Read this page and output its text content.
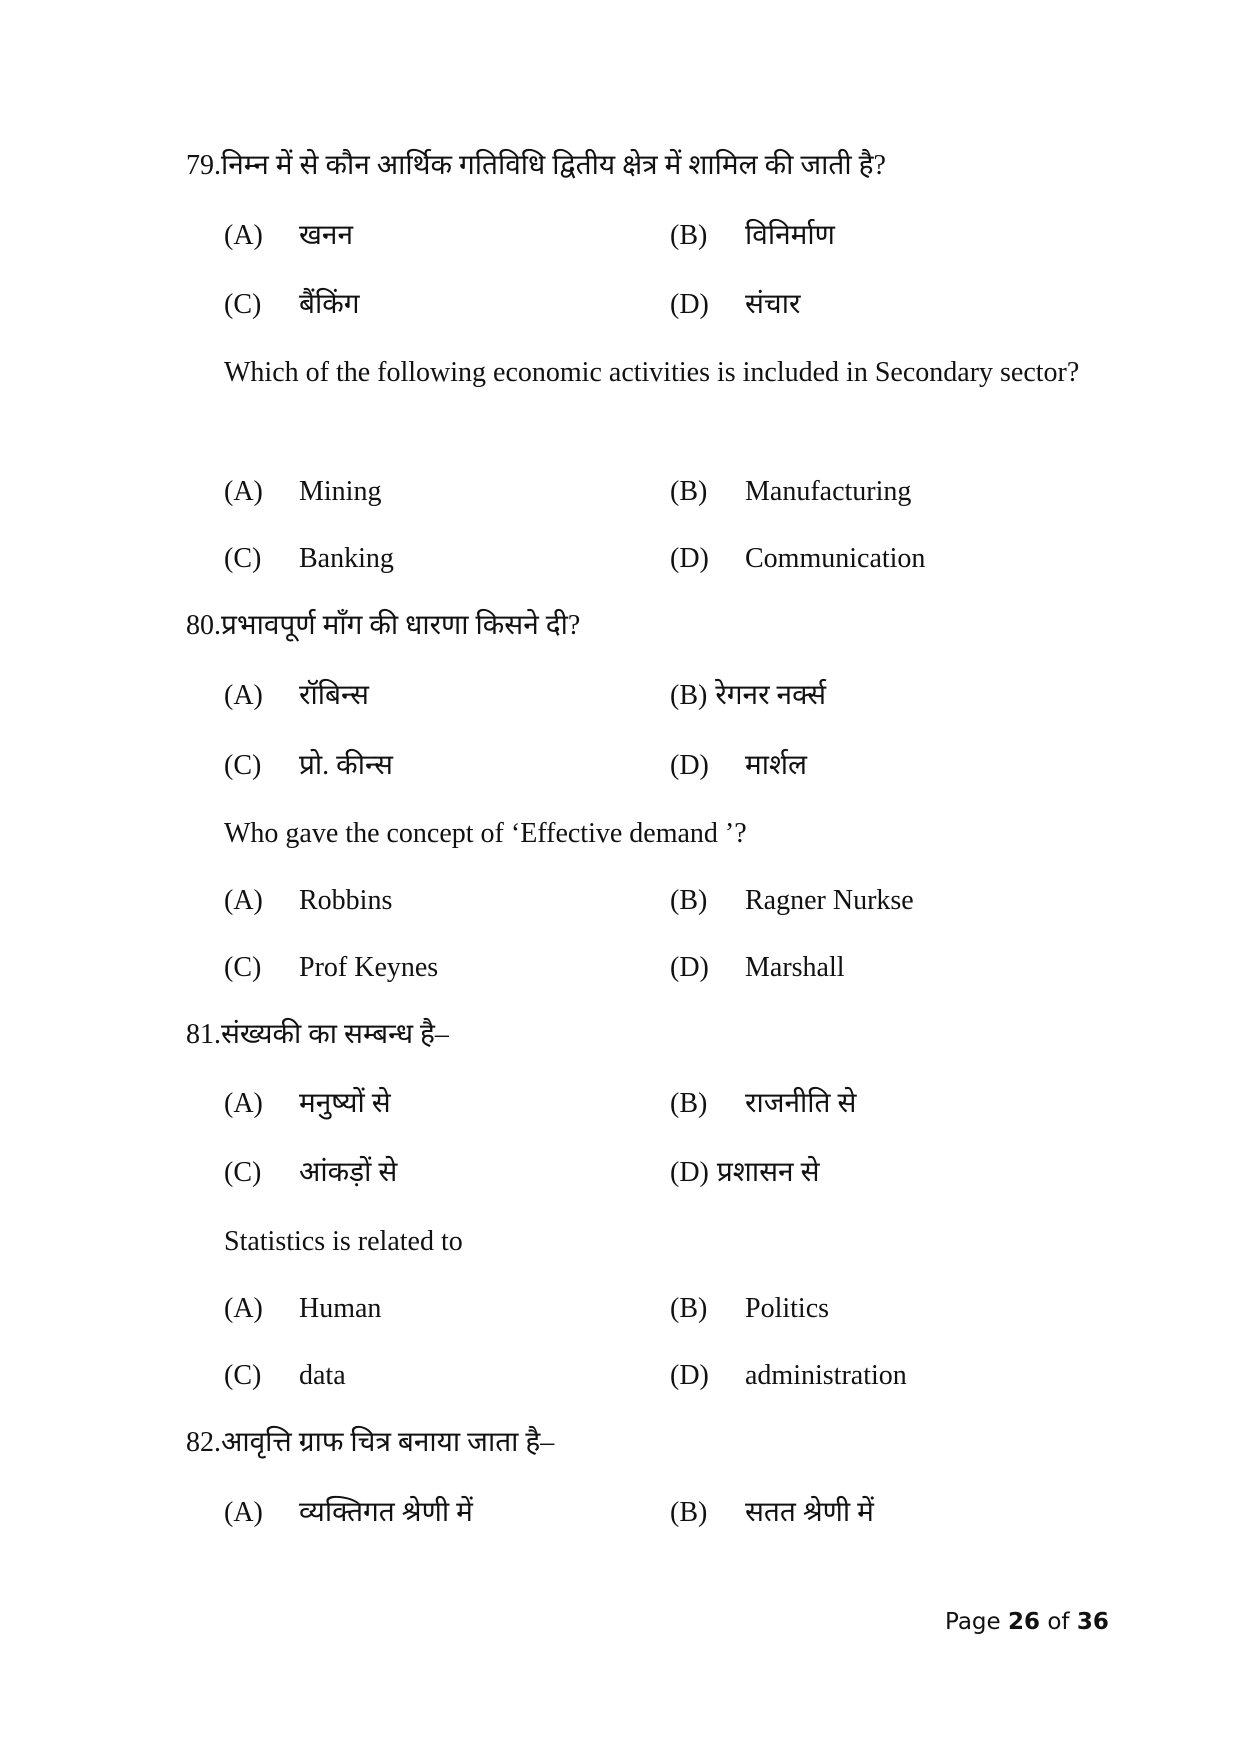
79.निम्न में से कौन आर्थिक गतिविधि द्वितीय क्षेत्र में शामिल की जाती है?
(A) खनन	(B) विनिर्माण
(C) बैंकिंग	(D) संचार
Which of the following economic activities is included in Secondary sector?
(A) Mining	(B) Manufacturing
(C) Banking	(D) Communication
80.प्रभावपूर्ण माँग की धारणा किसने दी?
(A) रॉबिन्स	(B) रेगनर नर्क्स
(C) प्रो. कीन्स	(D) मार्शल
Who gave the concept of ‘Effective demand ’?
(A) Robbins	(B) Ragner Nurkse
(C) Prof Keynes	(D) Marshall
81.संख्यकी का सम्बन्ध है–
(A) मनुष्यों से	(B) राजनीति से
(C) आंकड़ों से	(D) प्रशासन से
Statistics is related to
(A) Human	(B) Politics
(C) data	(D) administration
82.आवृत्ति ग्राफ चित्र बनाया जाता है–
(A) व्यक्तिगत श्रेणी में	(B) सतत श्रेणी में
Page 26 of 36
